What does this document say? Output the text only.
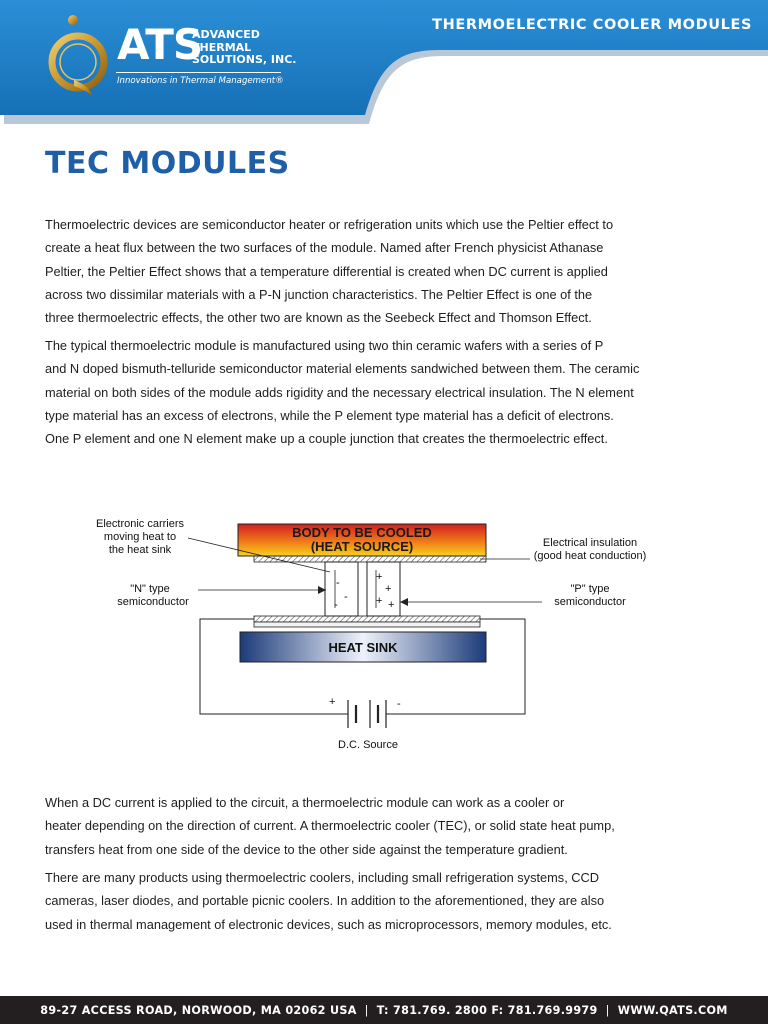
THERMOELECTRIC COOLER MODULES
ATS
ADVANCED
THERMAL
SOLUTIONS, INC.
Innovations in Thermal Management®
TEC MODULES

Thermoelectric devices are semiconductor heater or refrigeration units which use the Peltier effect to
create a heat flux between the two surfaces of the module. Named after French physicist Athanase
Peltier, the Peltier Effect shows that a temperature differential is created when DC current is applied
across two dissimilar materials with a P-N junction characteristics. The Peltier Effect is one of the
three thermoelectric effects, the other two are known as the Seebeck Effect and Thomson Effect.

The typical thermoelectric module is manufactured using two thin ceramic wafers with a series of P
and N doped bismuth-telluride semiconductor material elements sandwiched between them. The ceramic
material on both sides of the module adds rigidity and the necessary electrical insulation. The N element
type material has an excess of electrons, while the P element type material has a deficit of electrons.
One P element and one N element make up a couple junction that creates the thermoelectric effect.

BODY TO BE COOLED
(HEAT SOURCE)
-
-
-
+
+
+ +
HEAT SINK
+	-
D.C. Source
Electronic carriers
moving heat to
the heat sink
"N" type
semiconductor
Electrical insulation
(good heat conduction)
"P" type
semiconductor

When a DC current is applied to the circuit, a thermoelectric module can work as a cooler or
heater depending on the direction of current. A thermoelectric cooler (TEC), or solid state heat pump,
transfers heat from one side of the device to the other side against the temperature gradient.

There are many products using thermoelectric coolers, including small refrigeration systems, CCD
cameras, laser diodes, and portable picnic coolers. In addition to the aforementioned, they are also
used in thermal management of electronic devices, such as microprocessors, memory modules, etc.

89-27 ACCESS ROAD, NORWOOD, MA 02062 USA | T: 781.769. 2800 F: 781.769.9979 | WWW.QATS.COM
